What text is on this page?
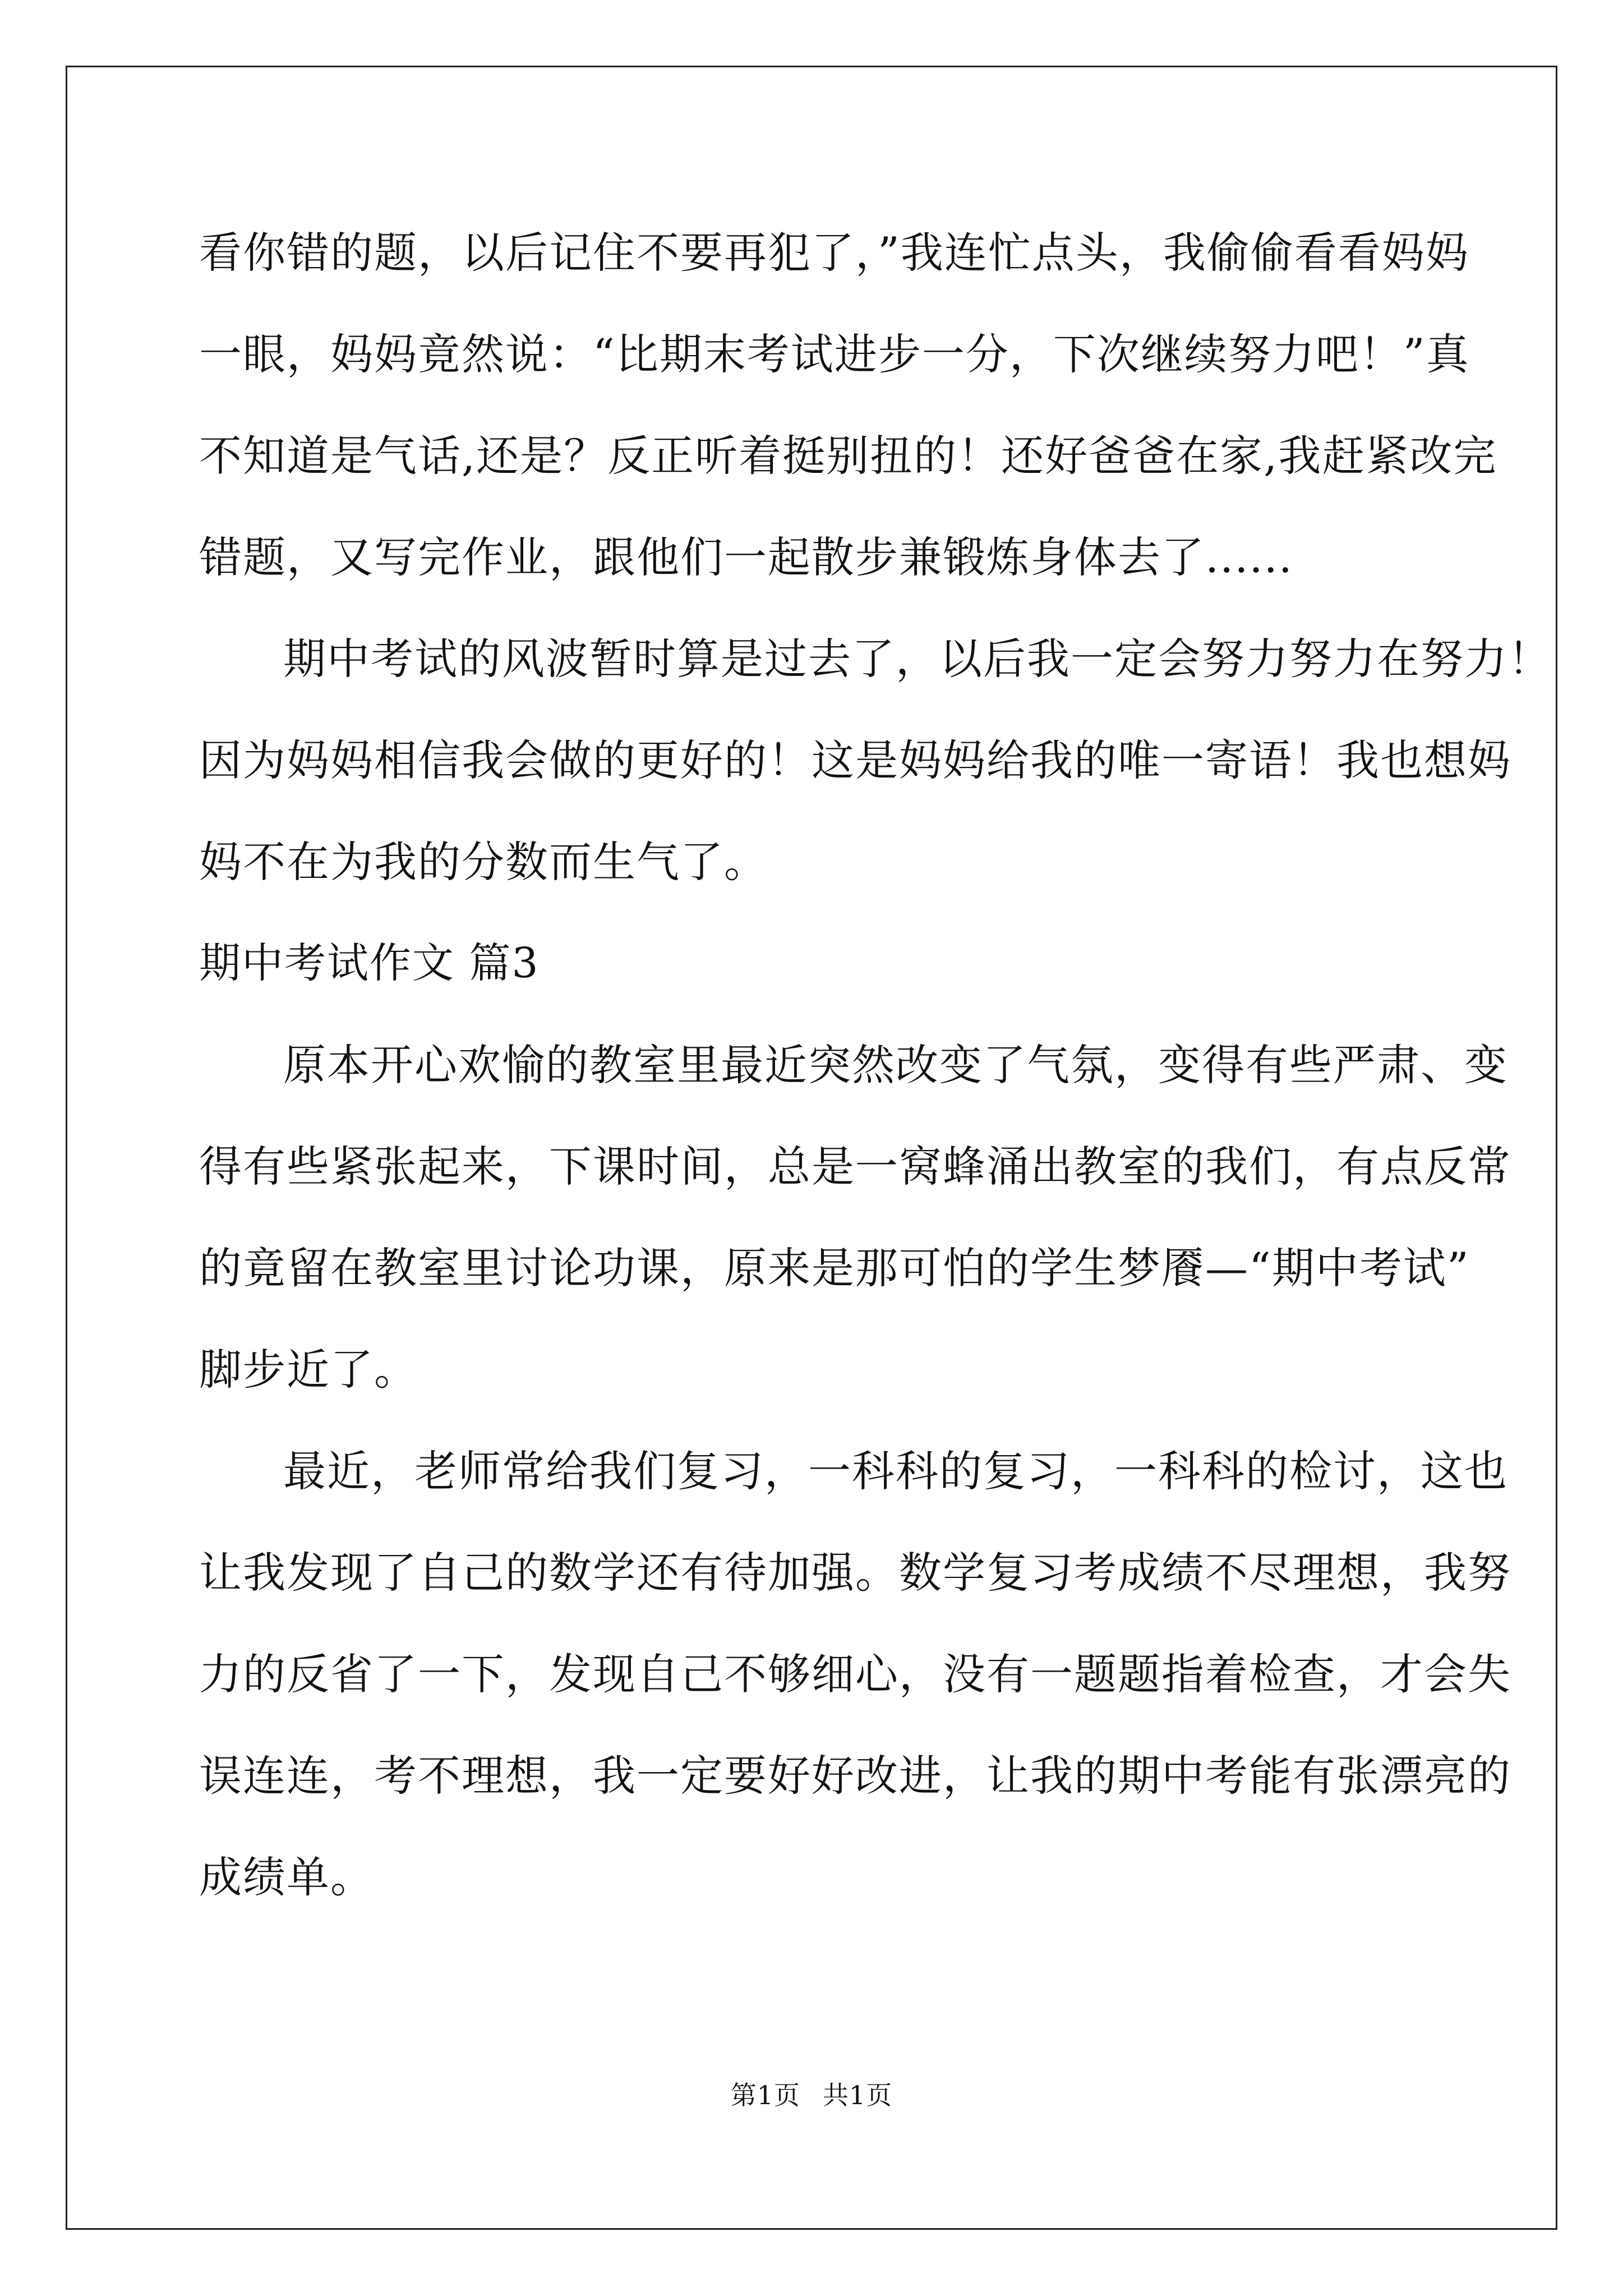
看你错的题，以后记住不要再犯了，”我连忙点头，我偷偷看看妈妈
一眼，妈妈竟然说：“比期末考试进步一分，下次继续努力吧！”真
不知道是气话,还是？反正听着挺别扭的！还好爸爸在家,我赶紧改完
错题，又写完作业，跟他们一起散步兼锻炼身体去了......
期中考试的风波暂时算是过去了，以后我一定会努力努力在努力！
因为妈妈相信我会做的更好的！这是妈妈给我的唯一寄语！我也想妈
妈不在为我的分数而生气了。
期中考试作文 篇3
原本开心欢愉的教室里最近突然改变了气氛，变得有些严肃、变
得有些紧张起来，下课时间，总是一窝蜂涌出教室的我们，有点反常
的竟留在教室里讨论功课，原来是那可怕的学生梦餍—“期中考试”
脚步近了。
最近，老师常给我们复习，一科科的复习，一科科的检讨，这也
让我发现了自己的数学还有待加强。数学复习考成绩不尽理想，我努
力的反省了一下，发现自己不够细心，没有一题题指着检查，才会失
误连连，考不理想，我一定要好好改进，让我的期中考能有张漂亮的
成绩单。
第1页 共1页
